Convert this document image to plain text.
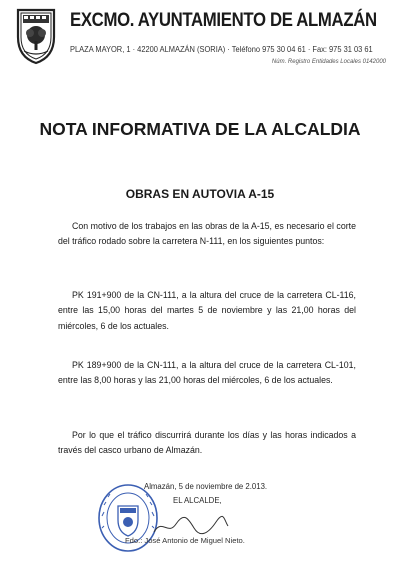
EXCMO. AYUNTAMIENTO DE ALMAZÁN
PLAZA MAYOR, 1 · 42200 ALMAZÁN (SORIA) · Teléfono 975 30 04 61 · Fax: 975 31 03 61
Núm. Registro Entidades Locales 0142000
NOTA INFORMATIVA DE LA ALCALDIA
OBRAS EN AUTOVIA A-15
Con motivo de los trabajos en las obras de la A-15, es necesario el corte del tráfico rodado sobre la carretera N-111, en los siguientes puntos:
PK 191+900 de la CN-111, a la altura del cruce de la carretera CL-116, entre las 15,00 horas del martes 5 de noviembre y las 21,00 horas del miércoles, 6 de los actuales.
PK 189+900 de la CN-111, a la altura del cruce de la carretera CL-101, entre las 8,00 horas y las 21,00 horas del miércoles, 6 de los actuales.
Por lo que el tráfico discurrirá durante los días y las horas indicados a través del casco urbano de Almazán.
Almazán, 5 de noviembre de 2.013.
EL ALCALDE,
Fdo.: José Antonio de Miguel Nieto.
